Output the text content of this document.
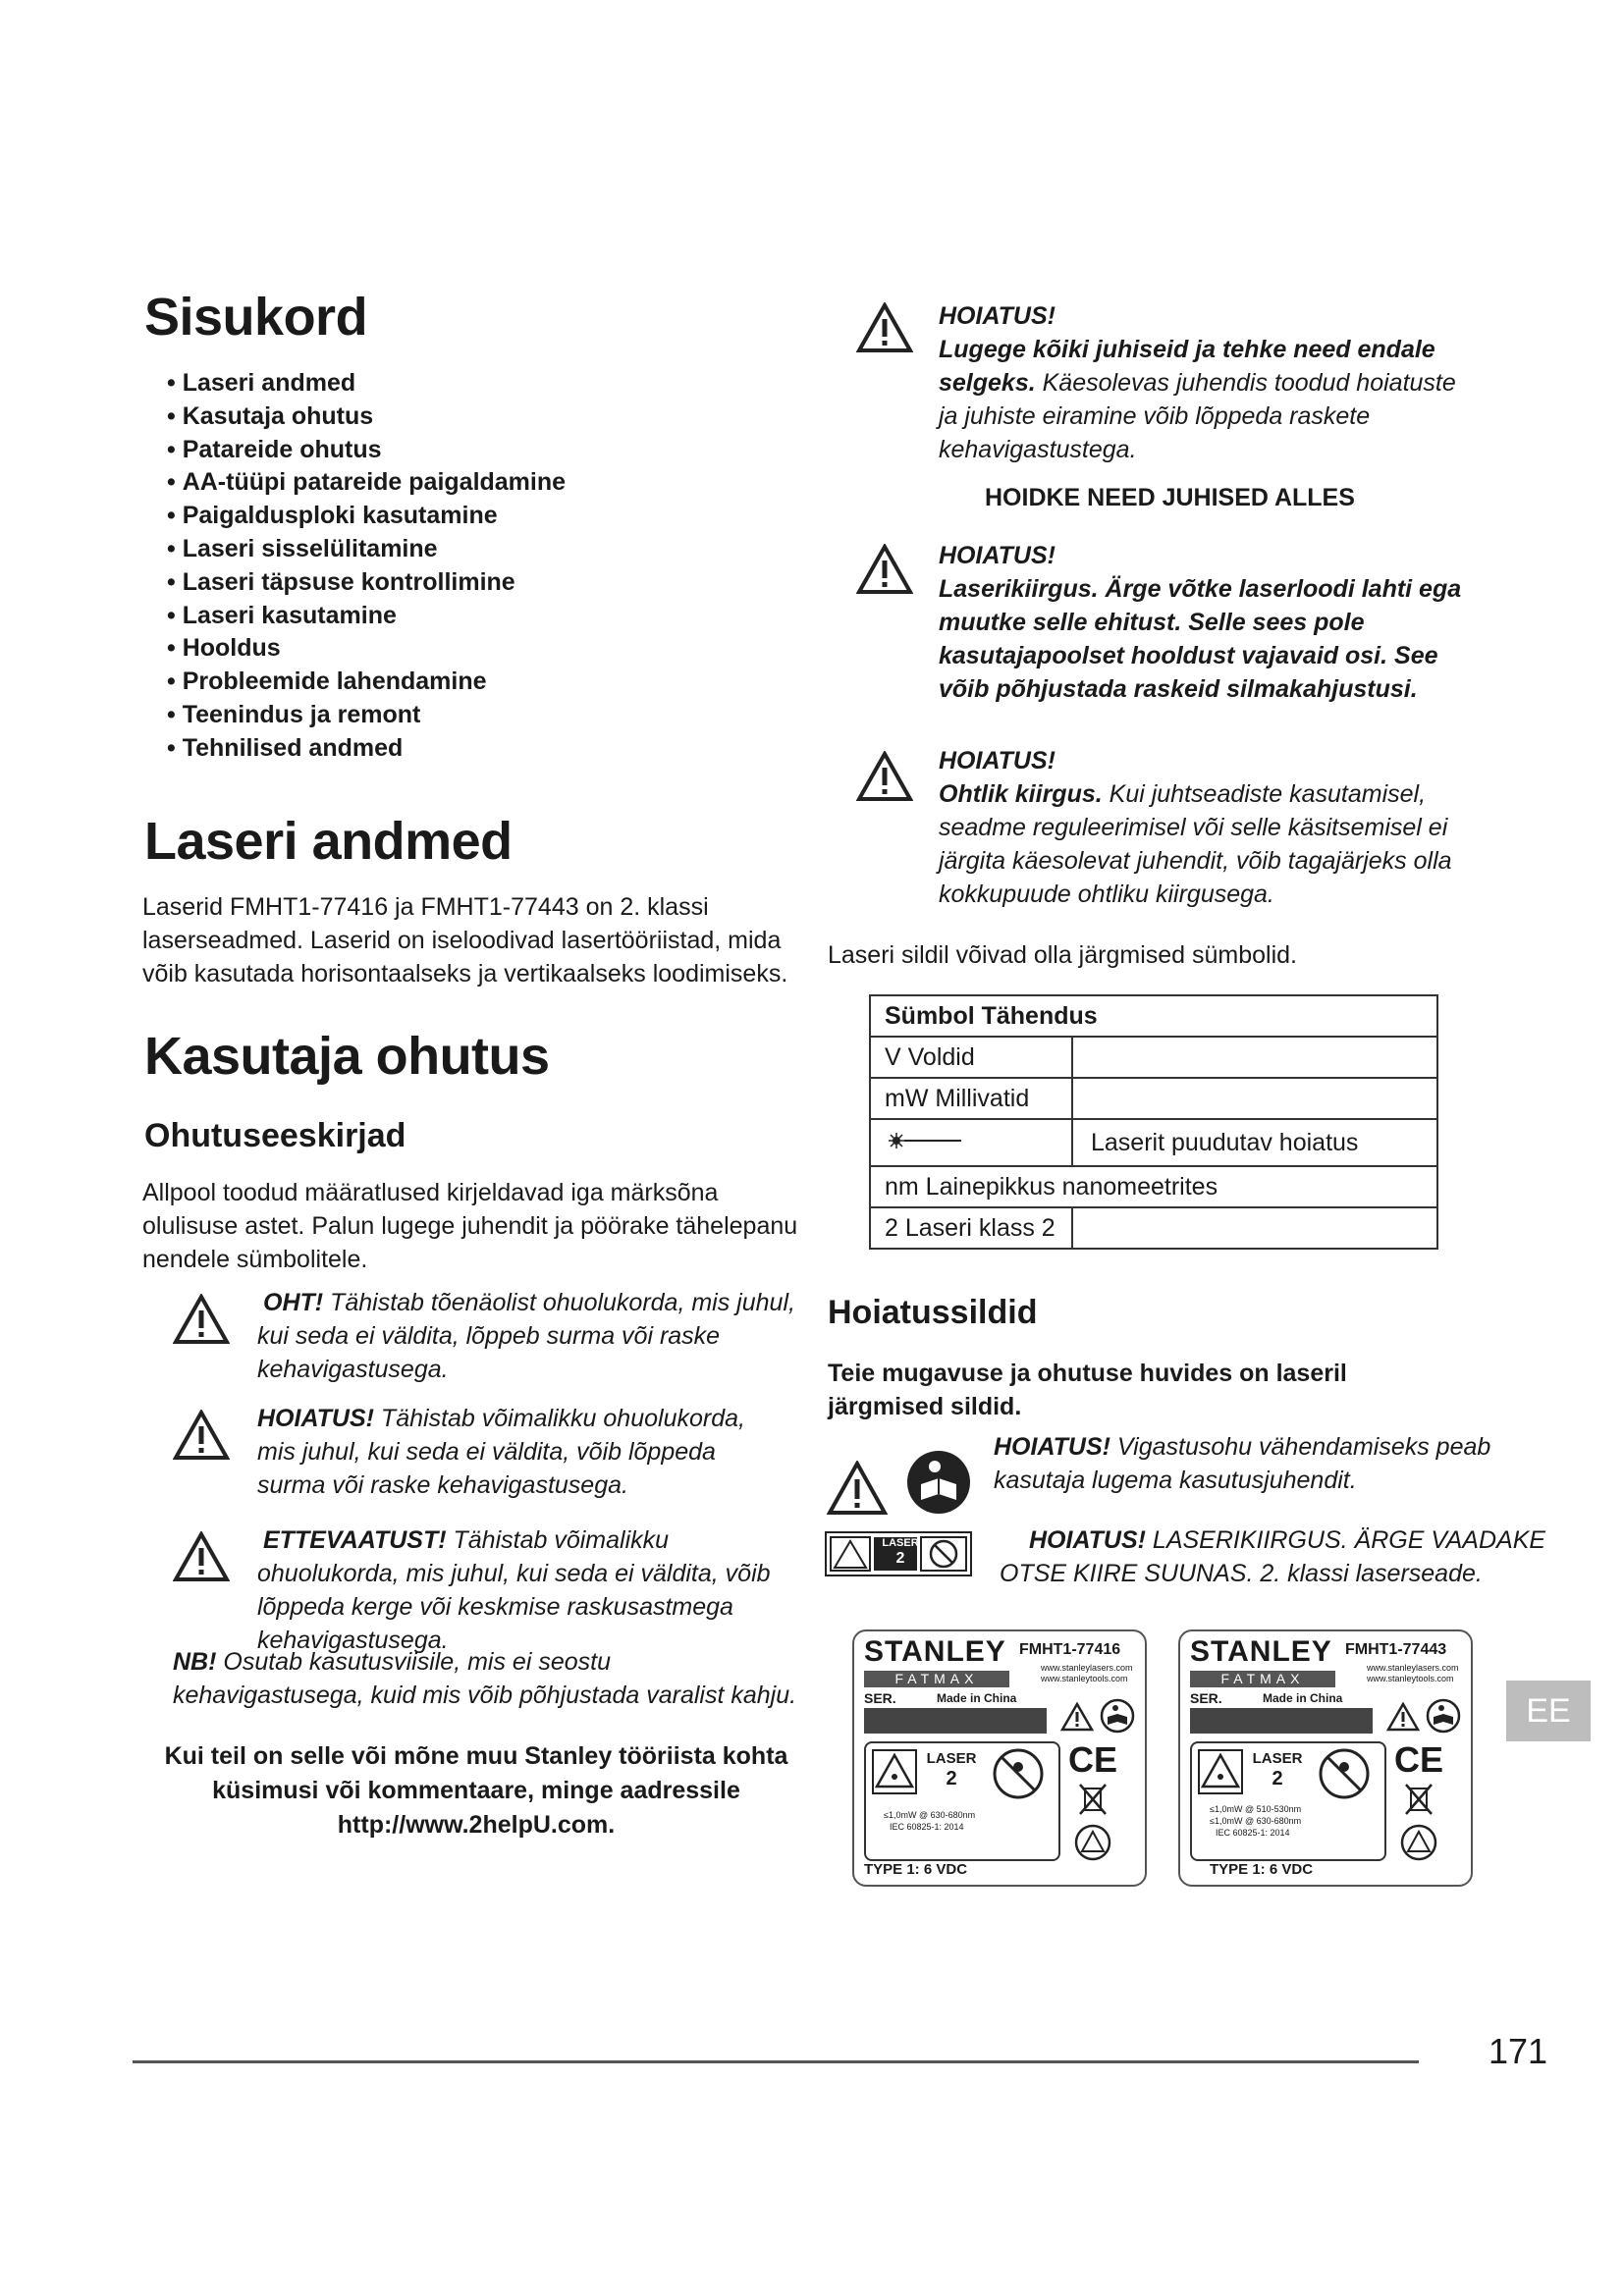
Sisukord
• Laseri andmed
• Kasutaja ohutus
• Patareide ohutus
• AA-tüüpi patareide paigaldamine
• Paigaldusploki kasutamine
• Laseri sisselülitamine
• Laseri täpsuse kontrollimine
• Laseri kasutamine
• Hooldus
• Probleemide lahendamine
• Teenindus ja remont
• Tehnilised andmed
Laseri andmed
Laserid FMHT1-77416 ja FMHT1-77443 on 2. klassi laserseadmed. Laserid on iseloodivad lasertööriistad, mida võib kasutada horisontaalseks ja vertikaalseks loodimiseks.
Kasutaja ohutus
Ohutuseeskirjad
Allpool toodud määratlused kirjeldavad iga märksõna olulisuse astet. Palun lugege juhendit ja pöörake tähelepanu nendele sümbolitele.
OHT! Tähistab tõenäolist ohuolukorda, mis juhul, kui seda ei väldita, lõppeb surma või raske kehavigastusega.
HOIATUS! Tähistab võimalikku ohuolukorda, mis juhul, kui seda ei väldita, võib lõppeda surma või raske kehavigastusega.
ETTEVAATUST! Tähistab võimalikku ohuolukorda, mis juhul, kui seda ei väldita, võib lõppeda kerge või keskmise raskusastmega kehavigastusega.
NB! Osutab kasutusviisile, mis ei seostu kehavigastusega, kuid mis võib põhjustada varalist kahju.
Kui teil on selle või mõne muu Stanley tööriista kohta küsimusi või kommentaare, minge aadressile
http://www.2helpU.com.
HOIATUS!
Lugege kõiki juhiseid ja tehke need endale selgeks. Käesolevas juhendis toodud hoiatuste ja juhiste eiramine võib lõppeda raskete kehavigastustega.
HOIDKE NEED JUHISED ALLES
HOIATUS!
Laserikiirgus. Ärge võtke laserloodi lahti ega muutke selle ehitust. Selle sees pole kasutajapoolset hooldust vajavaid osi. See võib põhjustada raskeid silmakahjustusi.
HOIATUS!
Ohtlik kiirgus. Kui juhtseadiste kasutamisel, seadme reguleerimisel või selle käsitsemisel ei järgita käesolevat juhendit, võib tagajärjeks olla kokkupuude ohtliku kiirgusega.
Laseri sildil võivad olla järgmised sümbolid.
Sümbol Tähendus	
V Voldid	
mW Millivatid	
	Laserit puudutav hoiatus
nm Lainepikkus nanomeetrites	
2 Laseri klass 2	
Hoiatussildid
Teie mugavuse ja ohutuse huvides on laseril järgmised sildid.
HOIATUS! Vigastusohu vähendamiseks peab kasutaja lugema kasutusjuhendit.
LASER
2
HOIATUS! LASERIKIIRGUS. ÄRGE VAADAKE OTSE KIIRE SUUNAS. 2. klassi laserseade.
STANLEY FMHT1-77416
FATMAX
www.stanleylasers.com
www.stanleytools.com
SER.	Made in China
LASER
2
≤1,0mW @ 630-680nm
IEC 60825-1: 2014
CE
TYPE 1: 6 VDC
STANLEY FMHT1-77443
FATMAX
www.stanleylasers.com
www.stanleytools.com
SER.	Made in China
LASER
2
≤1,0mW @ 510-530nm
≤1,0mW @ 630-680nm
IEC 60825-1: 2014
CE
TYPE 1: 6 VDC
EE
171
